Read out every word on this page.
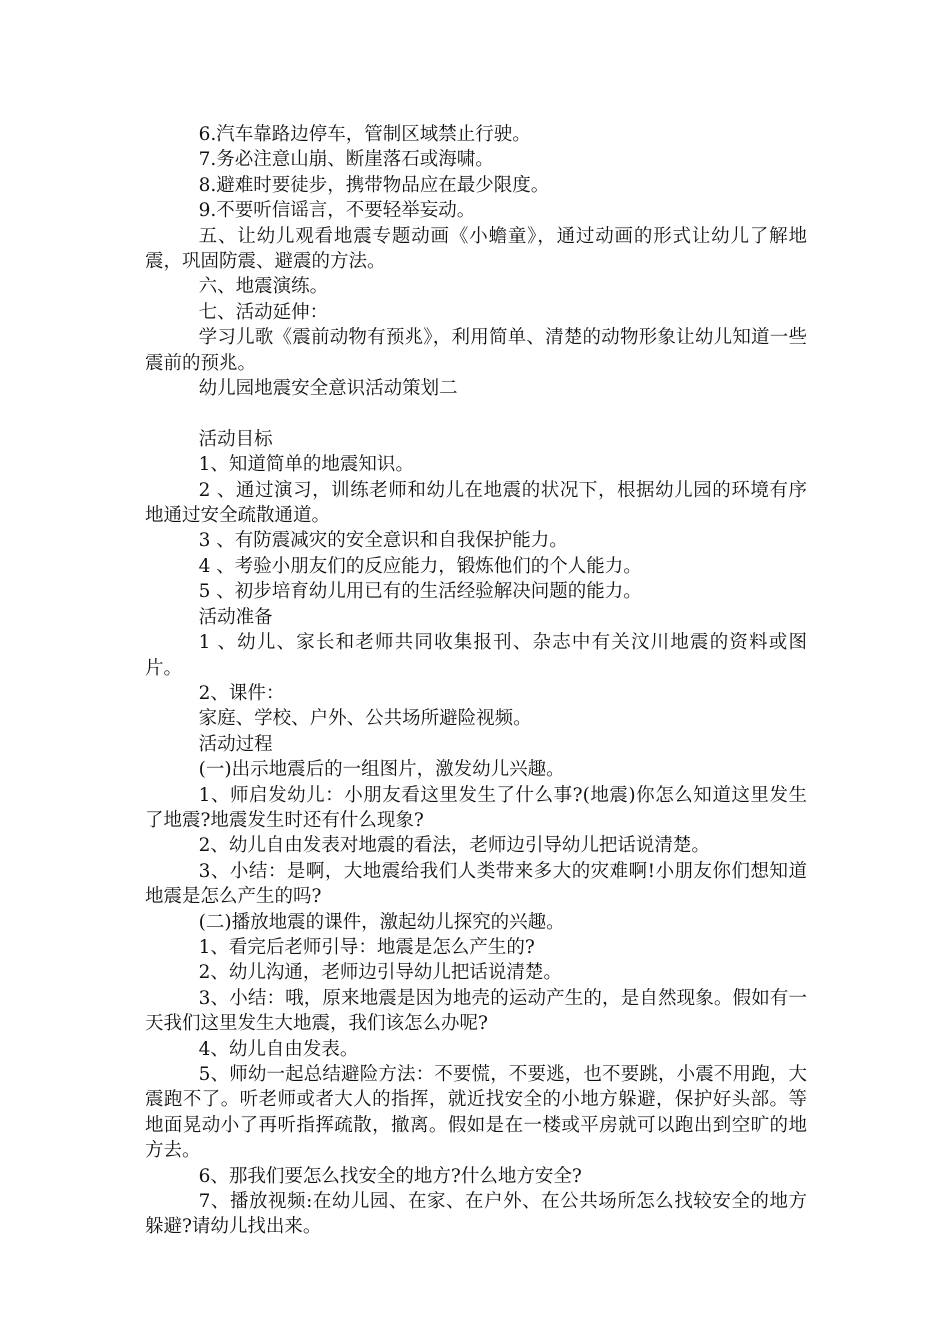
6.汽车靠路边停车，管制区域禁止行驶。

7.务必注意山崩、断崖落石或海啸。

8.避难时要徒步，携带物品应在最少限度。

9.不要听信谣言，不要轻举妄动。

五、让幼儿观看地震专题动画《小蟾童》，通过动画的形式让幼儿了解地震，巩固防震、避震的方法。

六、地震演练。

七、活动延伸：

学习儿歌《震前动物有预兆》，利用简单、清楚的动物形象让幼儿知道一些震前的预兆。

幼儿园地震安全意识活动策划二

活动目标

1、知道简单的地震知识。

2 、通过演习，训练老师和幼儿在地震的状况下，根据幼儿园的环境有序地通过安全疏散通道。

3 、有防震减灾的安全意识和自我保护能力。

4 、考验小朋友们的反应能力，锻炼他们的个人能力。

5 、初步培育幼儿用已有的生活经验解决问题的能力。

活动准备

1 、幼儿、家长和老师共同收集报刊、杂志中有关汶川地震的资料或图片。

2、课件：

家庭、学校、户外、公共场所避险视频。

活动过程

(一)出示地震后的一组图片，激发幼儿兴趣。

1、师启发幼儿：小朋友看这里发生了什么事?(地震)你怎么知道这里发生了地震?地震发生时还有什么现象?

2、幼儿自由发表对地震的看法，老师边引导幼儿把话说清楚。

3、小结：是啊，大地震给我们人类带来多大的灾难啊!小朋友你们想知道地震是怎么产生的吗?

(二)播放地震的课件，激起幼儿探究的兴趣。

1、看完后老师引导：地震是怎么产生的?

2、幼儿沟通，老师边引导幼儿把话说清楚。

3、小结：哦，原来地震是因为地壳的运动产生的，是自然现象。假如有一天我们这里发生大地震，我们该怎么办呢?

4、幼儿自由发表。

5、师幼一起总结避险方法：不要慌，不要逃，也不要跳，小震不用跑，大震跑不了。听老师或者大人的指挥，就近找安全的小地方躲避，保护好头部。等地面晃动小了再听指挥疏散，撤离。假如是在一楼或平房就可以跑出到空旷的地方去。

6、那我们要怎么找安全的地方?什么地方安全?

7、播放视频:在幼儿园、在家、在户外、在公共场所怎么找较安全的地方躲避?请幼儿找出来。
